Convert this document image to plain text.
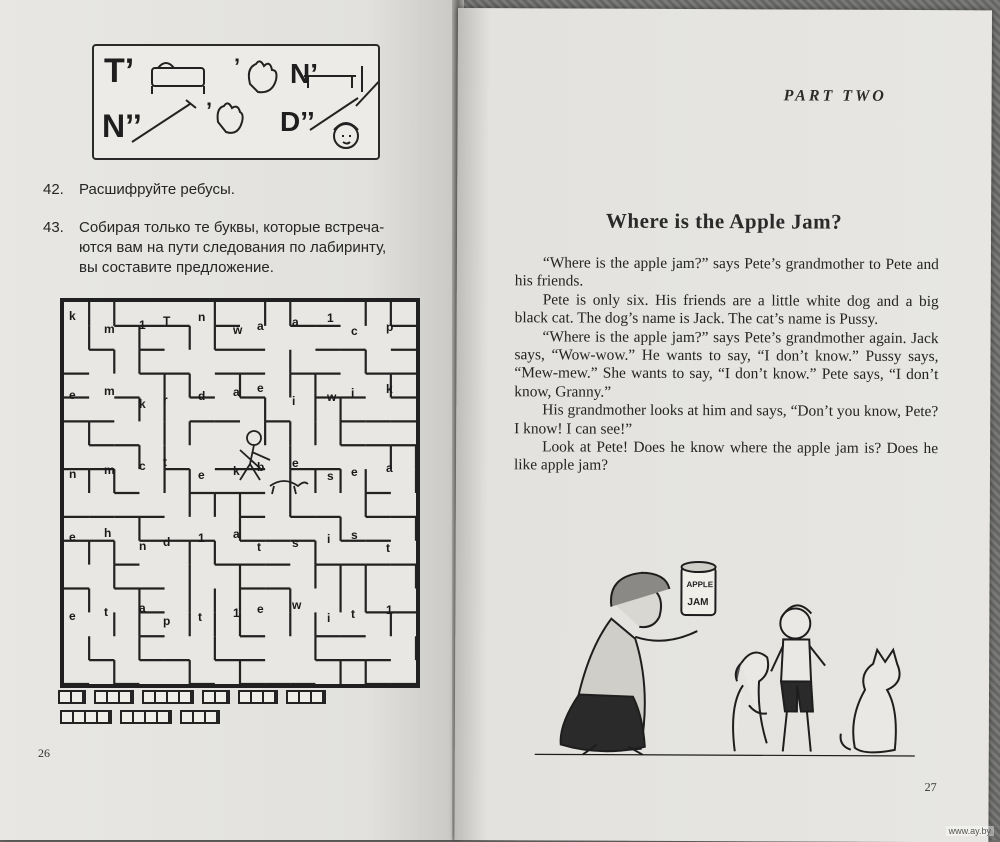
T’	’ N’
N’’	’ D’’
42. Расшифруйте ребусы.
43. Собирая только те буквы, которые встреча-
ются вам на пути следования по лабиринту,
вы составите предложение.
k
m 1 T n
w a a 1
c p
e m
k r	d a e
i	w i	k
n m c t
e k b e
s e a
e h
n d 1 a
t	s i s
t
e t	a
p t	1 e w
i t	1
26
PART TWO
Where is the Apple Jam?

“Where is the apple jam?” says Pete’s grandmother to Pete and his friends.

Pete is only six. His friends are a little white dog and a big black cat. The dog’s name is Jack. The cat’s name is Pussy.

“Where is the apple jam?” says Pete’s grandmother again. Jack says, “Wow-wow.” He wants to say, “I don’t know.” Pussy says, “Mew-mew.” She wants to say, “I don’t know.” Pete says, “I don’t know, Granny.”

His grandmother looks at him and says, “Don’t you know, Pete? I know! I can see!”

Look at Pete! Does he know where the apple jam is? Does he like apple jam?

APPLE
JAM
27
www.ay.by
